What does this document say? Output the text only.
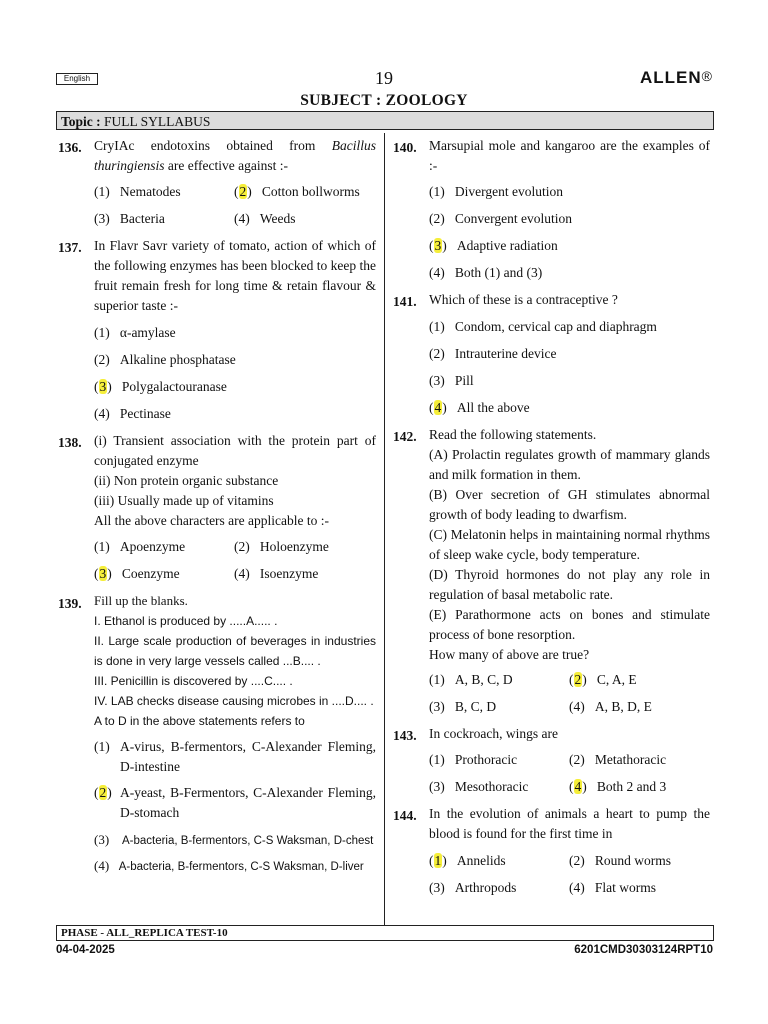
English	19	ALLEN®
SUBJECT : ZOOLOGY
Topic : FULL SYLLABUS
136. CryIAc endotoxins obtained from Bacillus thuringiensis are effective against :-
(1) Nematodes	(2)   Cotton bollworms
(3) Bacteria	(4) Weeds
137. In Flavr Savr variety of tomato, action of which of the following enzymes has been blocked to keep the fruit remain fresh for long time & retain flavour & superior taste :-
(1) α-amylase
(2) Alkaline phosphatase
(3)   Polygalactouranase
(4) Pectinase
138. (i) Transient association with the protein part of conjugated enzyme
(ii) Non protein organic substance
(iii) Usually made up of vitamins
All the above characters are applicable to :-
(1) Apoenzyme	(2) Holoenzyme
(3)   Coenzyme	(4) Isoenzyme
139. Fill up the blanks.
I. Ethanol is produced by .....A..... .
II. Large scale production of beverages in industries is done in very large vessels called ...B.... .
III. Penicillin is discovered by ....C.... .
IV. LAB checks disease causing microbes in ....D.... .
A to D in the above statements refers to
(1) A-virus, B-fermentors, C-Alexander Fleming, D-intestine
(2) A-yeast, B-Fermentors, C-Alexander Fleming, D-stomach
(3) A-bacteria, B-fermentors, C-S Waksman, D-chest
(4) A-bacteria, B-fermentors, C-S Waksman, D-liver
140. Marsupial mole and kangaroo are the examples of :-
(1) Divergent evolution
(2) Convergent evolution
(3)   Adaptive radiation
(4) Both (1) and (3)
141. Which of these is a contraceptive ?
(1) Condom, cervical cap and diaphragm
(2) Intrauterine device
(3) Pill
(4)   All the above
142. Read the following statements.
(A) Prolactin regulates growth of mammary glands and milk formation in them.
(B) Over secretion of GH stimulates abnormal growth of body leading to dwarfism.
(C) Melatonin helps in maintaining normal rhythms of sleep wake cycle, body temperature.
(D) Thyroid hormones do not play any role in regulation of basal metabolic rate.
(E) Parathormone acts on bones and stimulate process of bone resorption.
How many of above are true?
(1) A, B, C, D	(2)   C, A, E
(3) B, C, D	(4) A, B, D, E
143. In cockroach, wings are
(1) Prothoracic	(2) Metathoracic
(3) Mesothoracic	(4)   Both 2 and 3
144. In the evolution of animals a heart to pump the blood is found for the first time in
(1)   Annelids	(2) Round worms
(3) Arthropods	(4) Flat worms
PHASE - ALL_REPLICA TEST-10
04-04-2025	6201CMD30303124RPT10
